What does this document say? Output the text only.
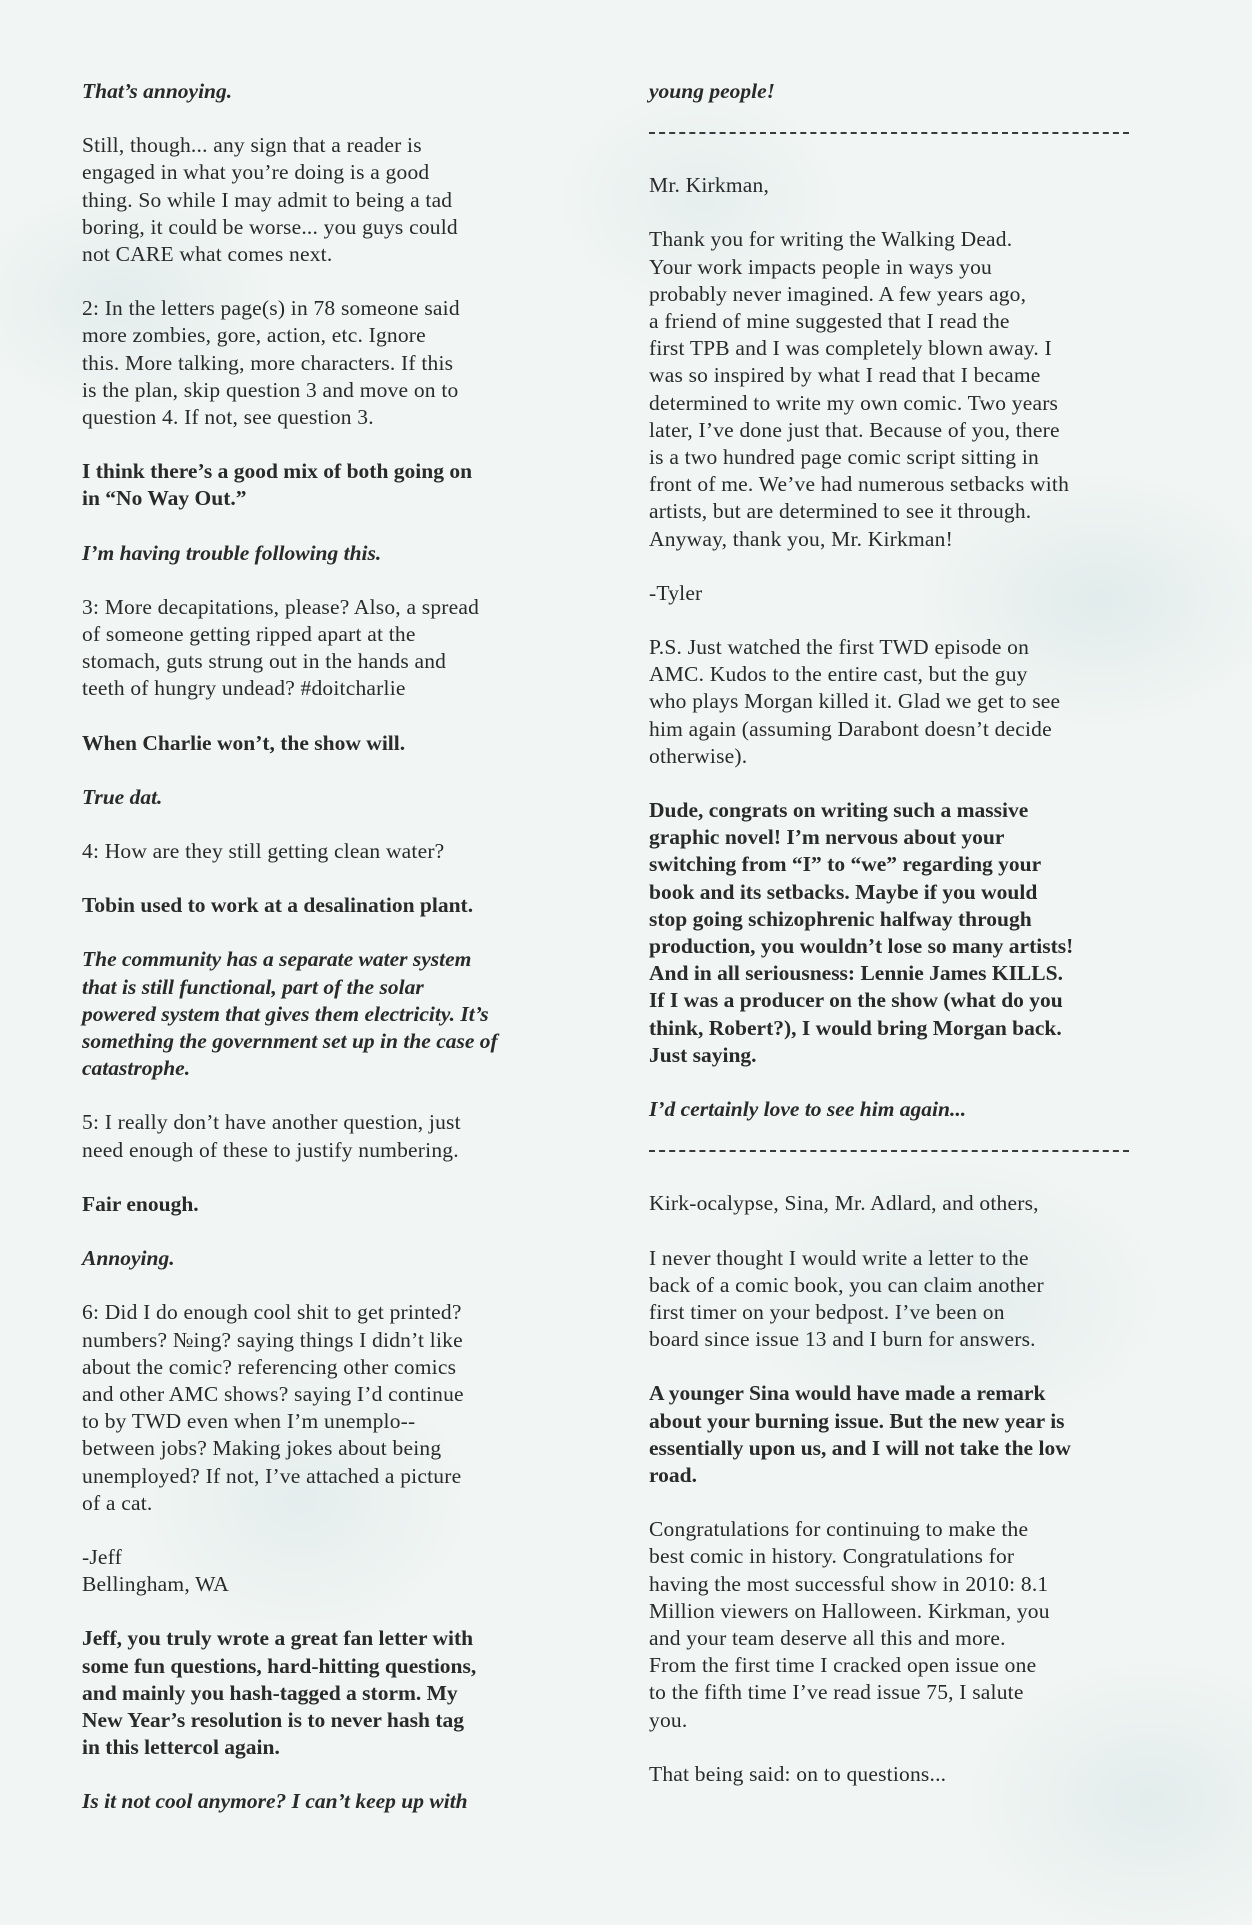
That’s annoying.

Still, though... any sign that a reader is
engaged in what you’re doing is a good
thing. So while I may admit to being a tad
boring, it could be worse... you guys could
not CARE what comes next.

2: In the letters page(s) in 78 someone said
more zombies, gore, action, etc. Ignore
this. More talking, more characters. If this
is the plan, skip question 3 and move on to
question 4. If not, see question 3.

I think there’s a good mix of both going on
in “No Way Out.”

I’m having trouble following this.

3: More decapitations, please? Also, a spread
of someone getting ripped apart at the
stomach, guts strung out in the hands and
teeth of hungry undead? #doitcharlie

When Charlie won’t, the show will.

True dat.

4: How are they still getting clean water?

Tobin used to work at a desalination plant.

The community has a separate water system
that is still functional, part of the solar
powered system that gives them electricity. It’s
something the government set up in the case of
catastrophe.

5: I really don’t have another question, just
need enough of these to justify numbering.

Fair enough.

Annoying.

6: Did I do enough cool shit to get printed?
numbers? №ing? saying things I didn’t like
about the comic? referencing other comics
and other AMC shows? saying I’d continue
to by TWD even when I’m unemplo--
between jobs? Making jokes about being
unemployed? If not, I’ve attached a picture
of a cat.

-Jeff
Bellingham, WA

Jeff, you truly wrote a great fan letter with
some fun questions, hard-hitting questions,
and mainly you hash-tagged a storm. My
New Year’s resolution is to never hash tag
in this lettercol again.

Is it not cool anymore? I can’t keep up with

young people!

Mr. Kirkman,

Thank you for writing the Walking Dead.
Your work impacts people in ways you
probably never imagined. A few years ago,
a friend of mine suggested that I read the
first TPB and I was completely blown away. I
was so inspired by what I read that I became
determined to write my own comic. Two years
later, I’ve done just that. Because of you, there
is a two hundred page comic script sitting in
front of me. We’ve had numerous setbacks with
artists, but are determined to see it through.
Anyway, thank you, Mr. Kirkman!

-Tyler

P.S. Just watched the first TWD episode on
AMC. Kudos to the entire cast, but the guy
who plays Morgan killed it. Glad we get to see
him again (assuming Darabont doesn’t decide
otherwise).

Dude, congrats on writing such a massive
graphic novel! I’m nervous about your
switching from “I” to “we” regarding your
book and its setbacks. Maybe if you would
stop going schizophrenic halfway through
production, you wouldn’t lose so many artists!
And in all seriousness: Lennie James KILLS.
If I was a producer on the show (what do you
think, Robert?), I would bring Morgan back.
Just saying.

I’d certainly love to see him again...

Kirk-ocalypse, Sina, Mr. Adlard, and others,

I never thought I would write a letter to the
back of a comic book, you can claim another
first timer on your bedpost. I’ve been on
board since issue 13 and I burn for answers.

A younger Sina would have made a remark
about your burning issue. But the new year is
essentially upon us, and I will not take the low
road.

Congratulations for continuing to make the
best comic in history. Congratulations for
having the most successful show in 2010: 8.1
Million viewers on Halloween. Kirkman, you
and your team deserve all this and more.
From the first time I cracked open issue one
to the fifth time I’ve read issue 75, I salute
you.

That being said: on to questions...
